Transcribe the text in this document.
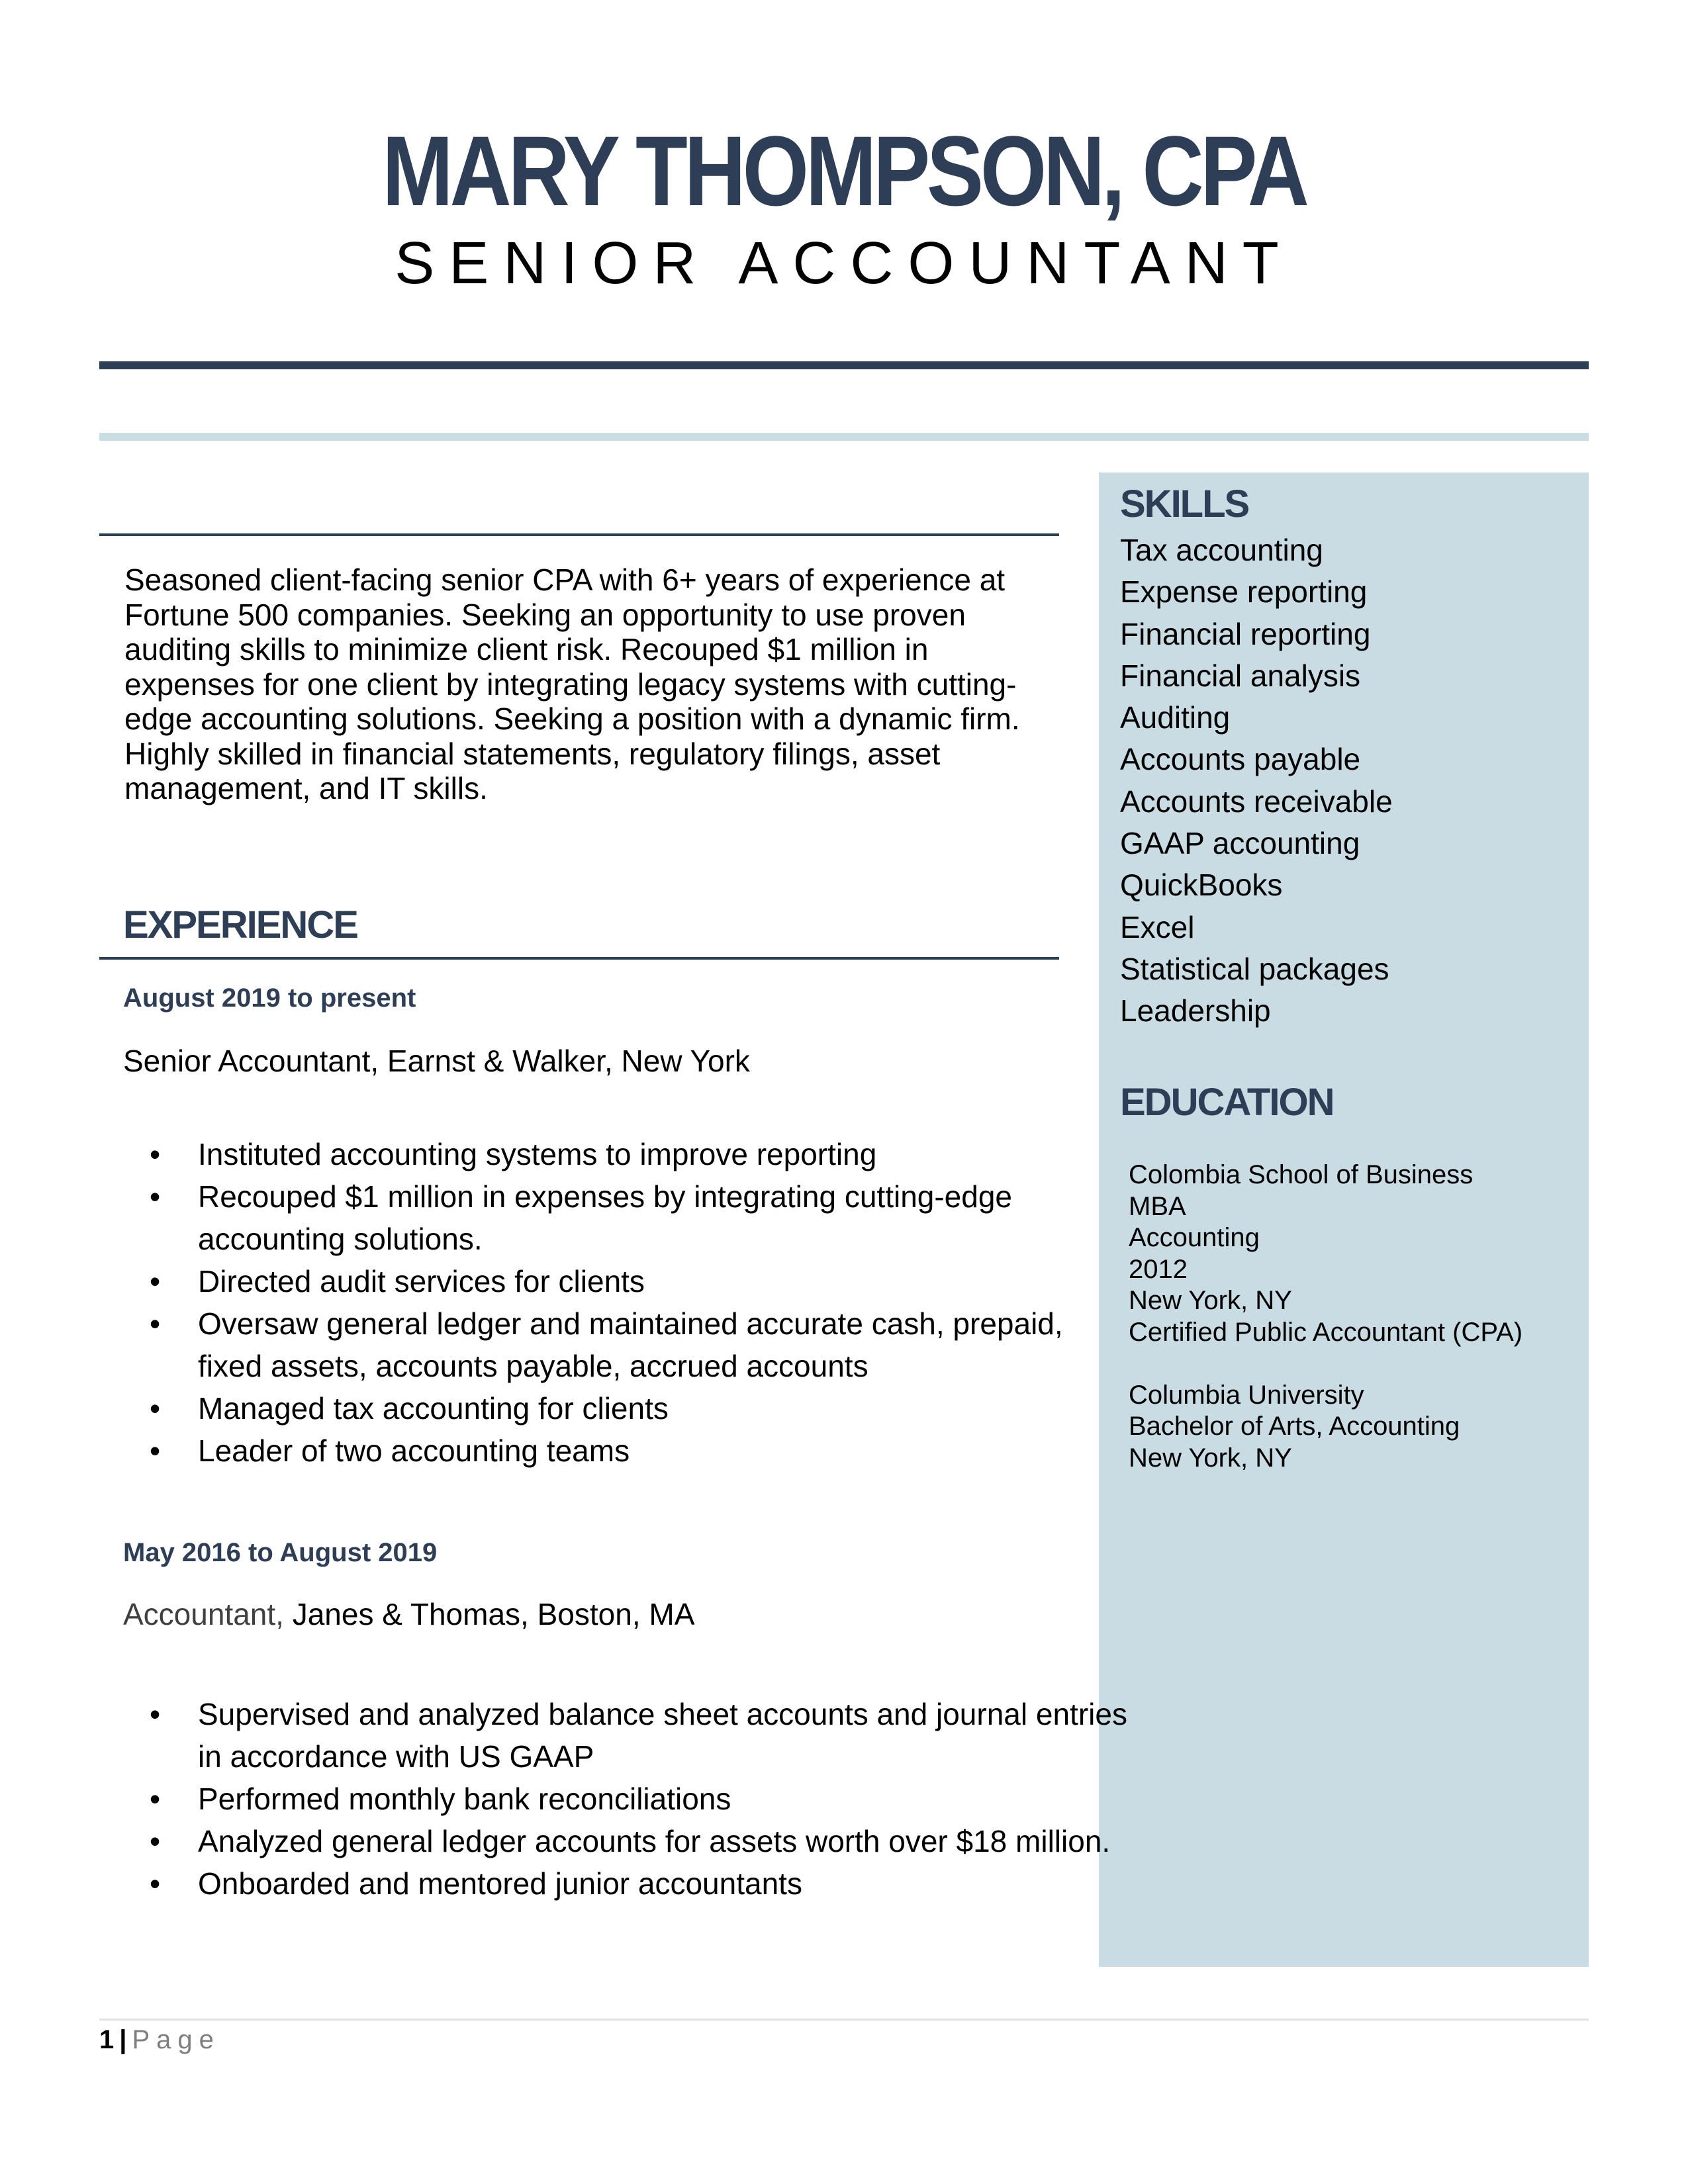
MARY THOMPSON, CPA
SENIOR ACCOUNTANT
Seasoned client-facing senior CPA with 6+ years of experience at
Fortune 500 companies. Seeking an opportunity to use proven
auditing skills to minimize client risk. Recouped $1 million in
expenses for one client by integrating legacy systems with cutting-
edge accounting solutions. Seeking a position with a dynamic firm.
Highly skilled in financial statements, regulatory filings, asset
management, and IT skills.
EXPERIENCE
August 2019 to present
Senior Accountant, Earnst & Walker, New York
• Instituted accounting systems to improve reporting
• Recouped $1 million in expenses by integrating cutting-edge accounting solutions.
• Directed audit services for clients
• Oversaw general ledger and maintained accurate cash, prepaid, fixed assets, accounts payable, accrued accounts
• Managed tax accounting for clients
• Leader of two accounting teams
May 2016 to August 2019
Accountant, Janes & Thomas, Boston, MA
• Supervised and analyzed balance sheet accounts and journal entries in accordance with US GAAP
• Performed monthly bank reconciliations
• Analyzed general ledger accounts for assets worth over $18 million.
• Onboarded and mentored junior accountants
SKILLS
Tax accounting
Expense reporting
Financial reporting
Financial analysis
Auditing
Accounts payable
Accounts receivable
GAAP accounting
QuickBooks
Excel
Statistical packages
Leadership
EDUCATION
Colombia School of Business
MBA
Accounting
2012
New York, NY
Certified Public Accountant (CPA)
Columbia University
Bachelor of Arts, Accounting
New York, NY
1 | Page
